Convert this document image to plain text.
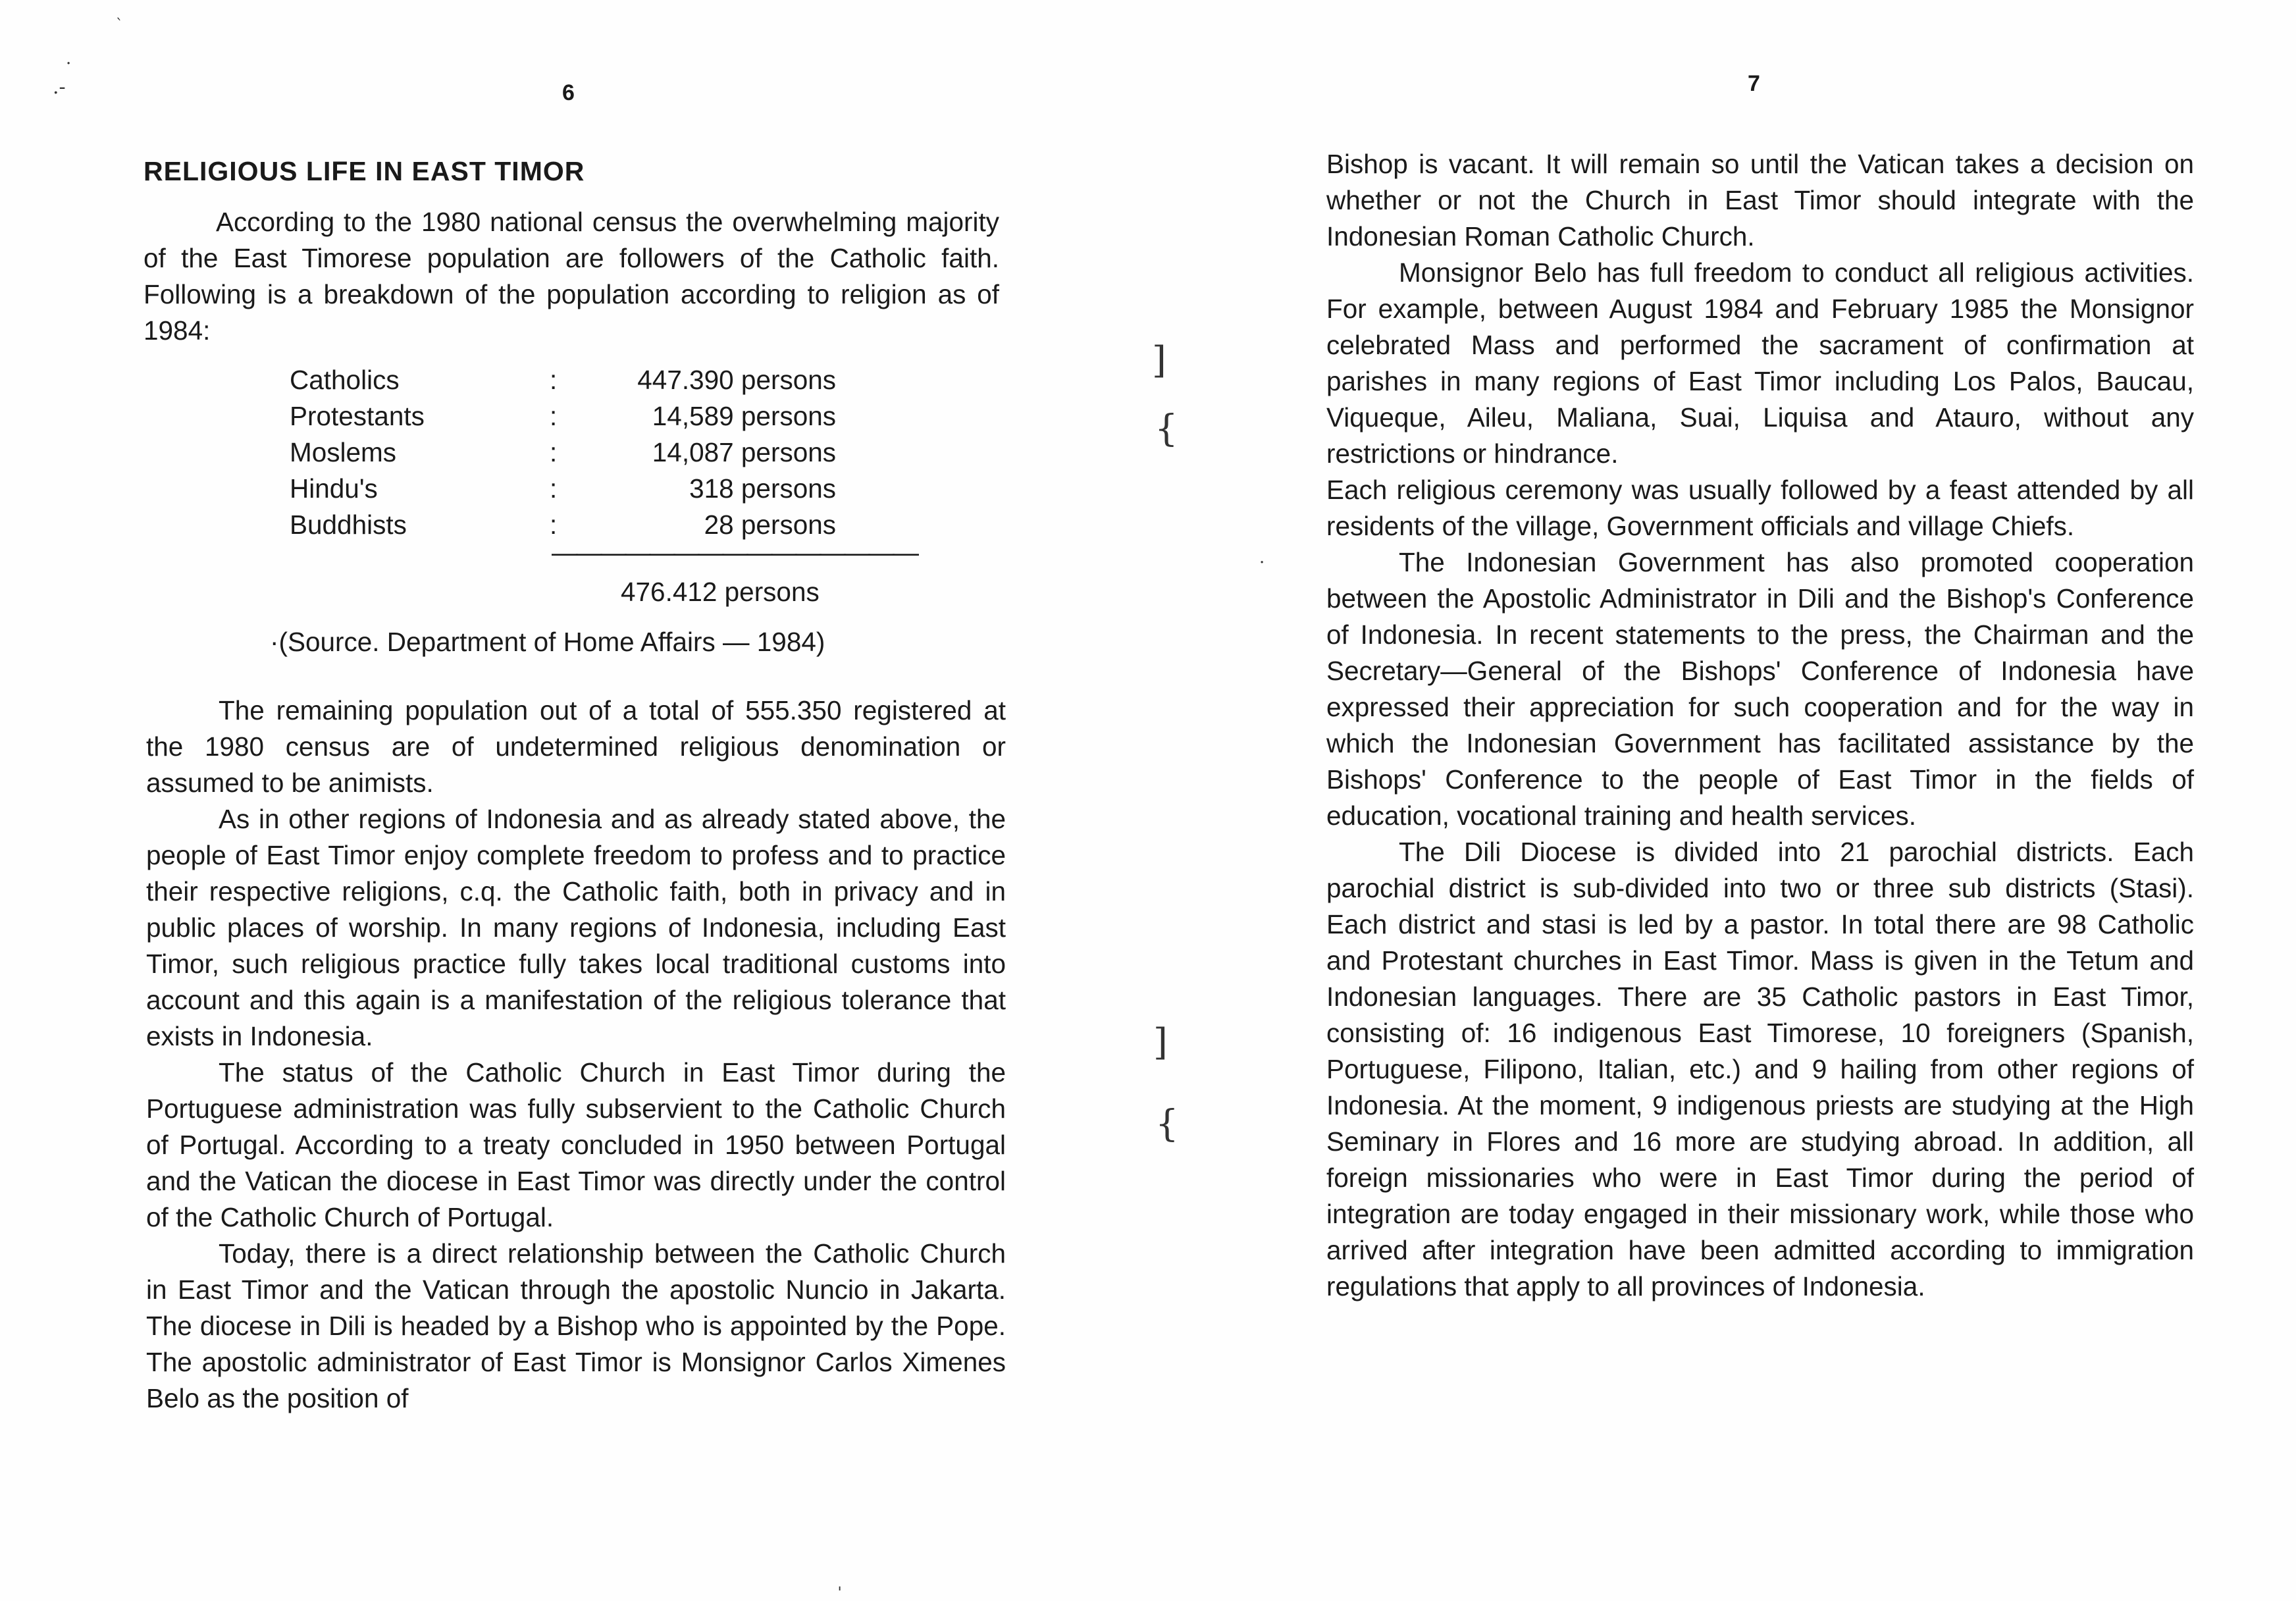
ˋ
·
.-
]
{
]
{
·
ˌ
6
RELIGIOUS LIFE IN EAST TIMOR

According to the 1980 national census the overwhelming majority of the East Timorese population are followers of the Catholic faith. Following is a breakdown of the population according to religion as of 1984:

Catholics	:	447.390 persons
Protestants	:	14,589 persons
Moslems	:	14,087 persons
Hindu's	:	318 persons
Buddhists	:	28 persons
———————————————
476.412 persons
·(Source. Department of Home Affairs — 1984)

The remaining population out of a total of 555.350 registered at the 1980 census are of undetermined religious denomination or assumed to be animists.

As in other regions of Indonesia and as already stated above, the people of East Timor enjoy complete freedom to profess and to practice their respective religions, c.q. the Catholic faith, both in privacy and in public places of worship. In many regions of Indonesia, including East Timor, such religious practice fully takes local traditional customs into account and this again is a manifestation of the religious tolerance that exists in Indonesia.

The status of the Catholic Church in East Timor during the Portuguese administration was fully subservient to the Catholic Church of Portugal. According to a treaty concluded in 1950 between Portugal and the Vatican the diocese in East Timor was directly under the control of the Catholic Church of Portugal.

Today, there is a direct relationship between the Catholic Church in East Timor and the Vatican through the apostolic Nuncio in Jakarta. The diocese in Dili is headed by a Bishop who is appointed by the Pope. The apostolic administrator of East Timor is Monsignor Carlos Ximenes Belo as the position of

7

Bishop is vacant. It will remain so until the Vatican takes a decision on whether or not the Church in East Timor should integrate with the Indonesian Roman Catholic Church.

Monsignor Belo has full freedom to conduct all religious activities. For example, between August 1984 and February 1985 the Monsignor celebrated Mass and performed the sacrament of confirmation at parishes in many regions of East Timor including Los Palos, Baucau, Viqueque, Aileu, Maliana, Suai, Liquisa and Atauro, without any restrictions or hindrance.

Each religious ceremony was usually followed by a feast attended by all residents of the village, Government officials and village Chiefs.

The Indonesian Government has also promoted cooperation between the Apostolic Administrator in Dili and the Bishop's Conference of Indonesia. In recent statements to the press, the Chairman and the Secretary—General of the Bishops' Conference of Indonesia have expressed their appreciation for such cooperation and for the way in which the Indonesian Government has facilitated assistance by the Bishops' Conference to the people of East Timor in the fields of education, vocational training and health services.

The Dili Diocese is divided into 21 parochial districts. Each parochial district is sub-divided into two or three sub districts (Stasi). Each district and stasi is led by a pastor. In total there are 98 Catholic and Protestant churches in East Timor. Mass is given in the Tetum and Indonesian languages. There are 35 Catholic pastors in East Timor, consisting of: 16 indigenous East Timorese, 10 foreigners (Spanish, Portuguese, Filipono, Italian, etc.) and 9 hailing from other regions of Indonesia. At the moment, 9 indigenous priests are studying at the High Seminary in Flores and 16 more are studying abroad. In addition, all foreign missionaries who were in East Timor during the period of integration are today engaged in their missionary work, while those who arrived after integration have been admitted according to immigration regulations that apply to all provinces of Indonesia.
